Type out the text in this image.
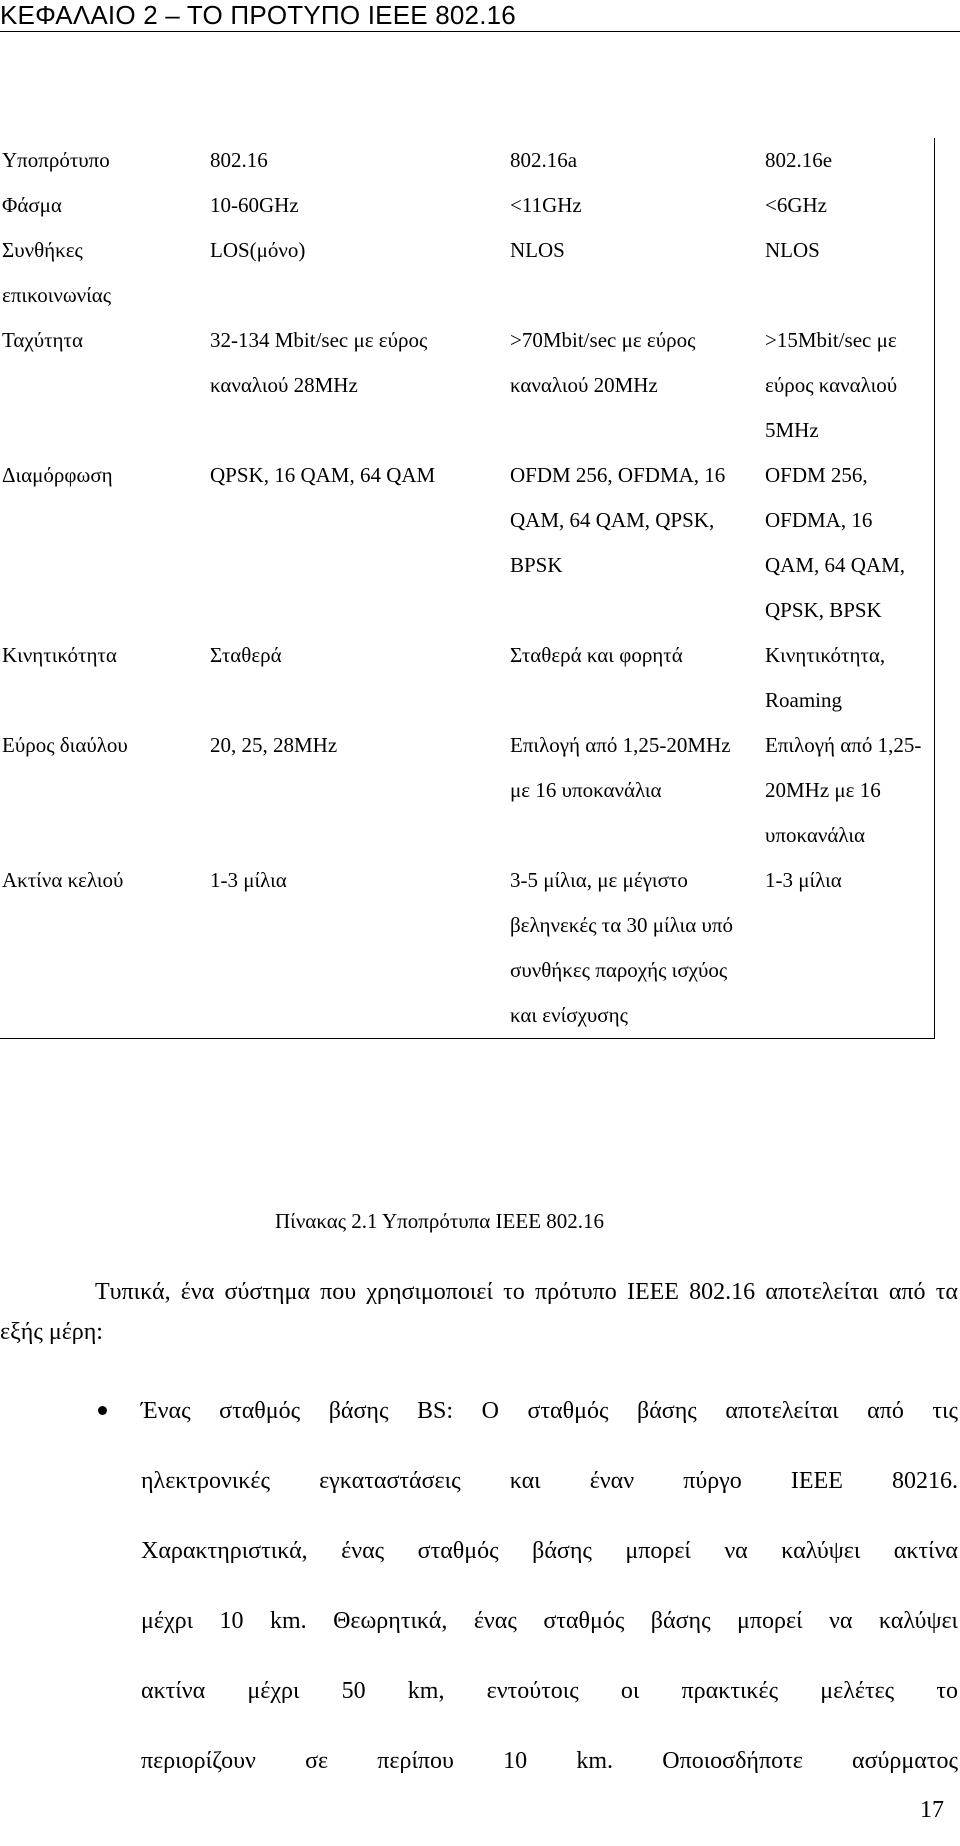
ΚΕΦΑΛΑΙΟ 2 – ΤΟ ΠΡΟΤΥΠΟ IEEE 802.16
Υποπρότυπο	802.16	802.16a	802.16e
Φάσμα	10-60GHz	<11GHz	<6GHz
Συνθήκες επικοινωνίας	LOS(μόνο)	NLOS	NLOS
Ταχύτητα	32-134 Mbit/sec με εύρος καναλιού 28MHz	>70Mbit/sec με εύρος καναλιού 20MHz	>15Mbit/sec με εύρος καναλιού 5MHz
Διαμόρφωση	QPSK, 16 QAM, 64 QAM	OFDM 256, OFDMA, 16 QAM, 64 QAM, QPSK, BPSK	OFDM 256, OFDMA, 16 QAM, 64 QAM, QPSK, BPSK
Κινητικότητα	Σταθερά	Σταθερά και φορητά	Κινητικότητα, Roaming
Εύρος διαύλου	20, 25, 28MHz	Επιλογή από 1,25-20MHz με 16 υποκανάλια	Επιλογή από 1,25-20MHz με 16 υποκανάλια
Ακτίνα κελιού	1-3 μίλια	3-5 μίλια, με μέγιστο βεληνεκές τα 30 μίλια υπό συνθήκες παροχής ισχύος και ενίσχυσης	1-3 μίλια
Πίνακας 2.1 Υποπρότυπα IEEE 802.16

Τυπικά, ένα σύστημα που χρησιμοποιεί το πρότυπο IEEE 802.16 αποτελείται από τα εξής μέρη:

Ένας σταθμός βάσης BS: Ο σταθμός βάσης αποτελείται από τις
ηλεκτρονικές εγκαταστάσεις και έναν πύργο IEEE 80216.
Χαρακτηριστικά, ένας σταθμός βάσης μπορεί να καλύψει ακτίνα
μέχρι 10 km. Θεωρητικά, ένας σταθμός βάσης μπορεί να καλύψει
ακτίνα μέχρι 50 km, εντούτοις οι πρακτικές μελέτες το
περιορίζουν σε περίπου 10 km. Οποιοσδήποτε ασύρματος
17
